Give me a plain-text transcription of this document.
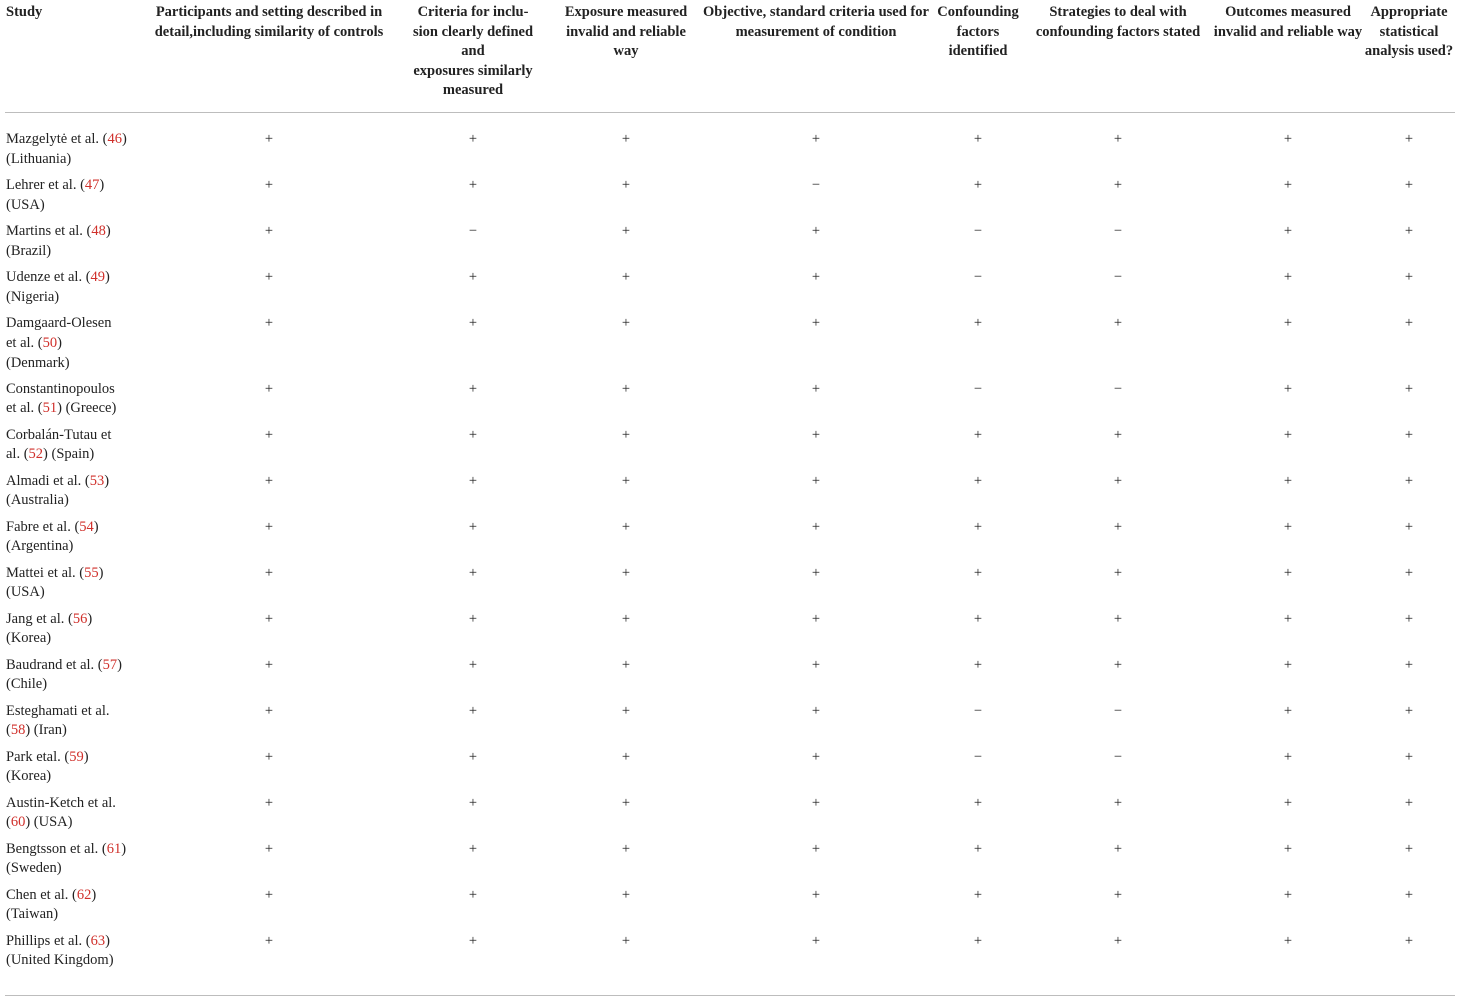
Study	Participants and setting described in detail,including similarity of controls	Criteria for inclu-
sion clearly defined
and
exposures similarly
measured	Exposure measured invalid and reliable way	Objective, standard criteria used for measurement of condition	Confounding factors identified	Strategies to deal with confounding factors stated	Outcomes measured invalid and reliable way	Appropriate statistical analysis used?
Mazgelytė et al. (46)
(Lithuania)	+	+	+	+	+	+	+	+
Lehrer et al. (47)
(USA)	+	+	+	−	+	+	+	+
Martins et al. (48)
(Brazil)	+	−	+	+	−	−	+	+
Udenze et al. (49)
(Nigeria)	+	+	+	+	−	−	+	+
Damgaard-Olesen
et al. (50)
(Denmark)	+	+	+	+	+	+	+	+
Constantinopoulos
et al. (51) (Greece)	+	+	+	+	−	−	+	+
Corbalán-Tutau et
al. (52) (Spain)	+	+	+	+	+	+	+	+
Almadi et al. (53)
(Australia)	+	+	+	+	+	+	+	+
Fabre et al. (54)
(Argentina)	+	+	+	+	+	+	+	+
Mattei et al. (55)
(USA)	+	+	+	+	+	+	+	+
Jang et al. (56)
(Korea)	+	+	+	+	+	+	+	+
Baudrand et al. (57)
(Chile)	+	+	+	+	+	+	+	+
Esteghamati et al.
(58) (Iran)	+	+	+	+	−	−	+	+
Park etal. (59)
(Korea)	+	+	+	+	−	−	+	+
Austin-Ketch et al.
(60) (USA)	+	+	+	+	+	+	+	+
Bengtsson et al. (61)
(Sweden)	+	+	+	+	+	+	+	+
Chen et al. (62)
(Taiwan)	+	+	+	+	+	+	+	+
Phillips et al. (63)
(United Kingdom)	+	+	+	+	+	+	+	+
